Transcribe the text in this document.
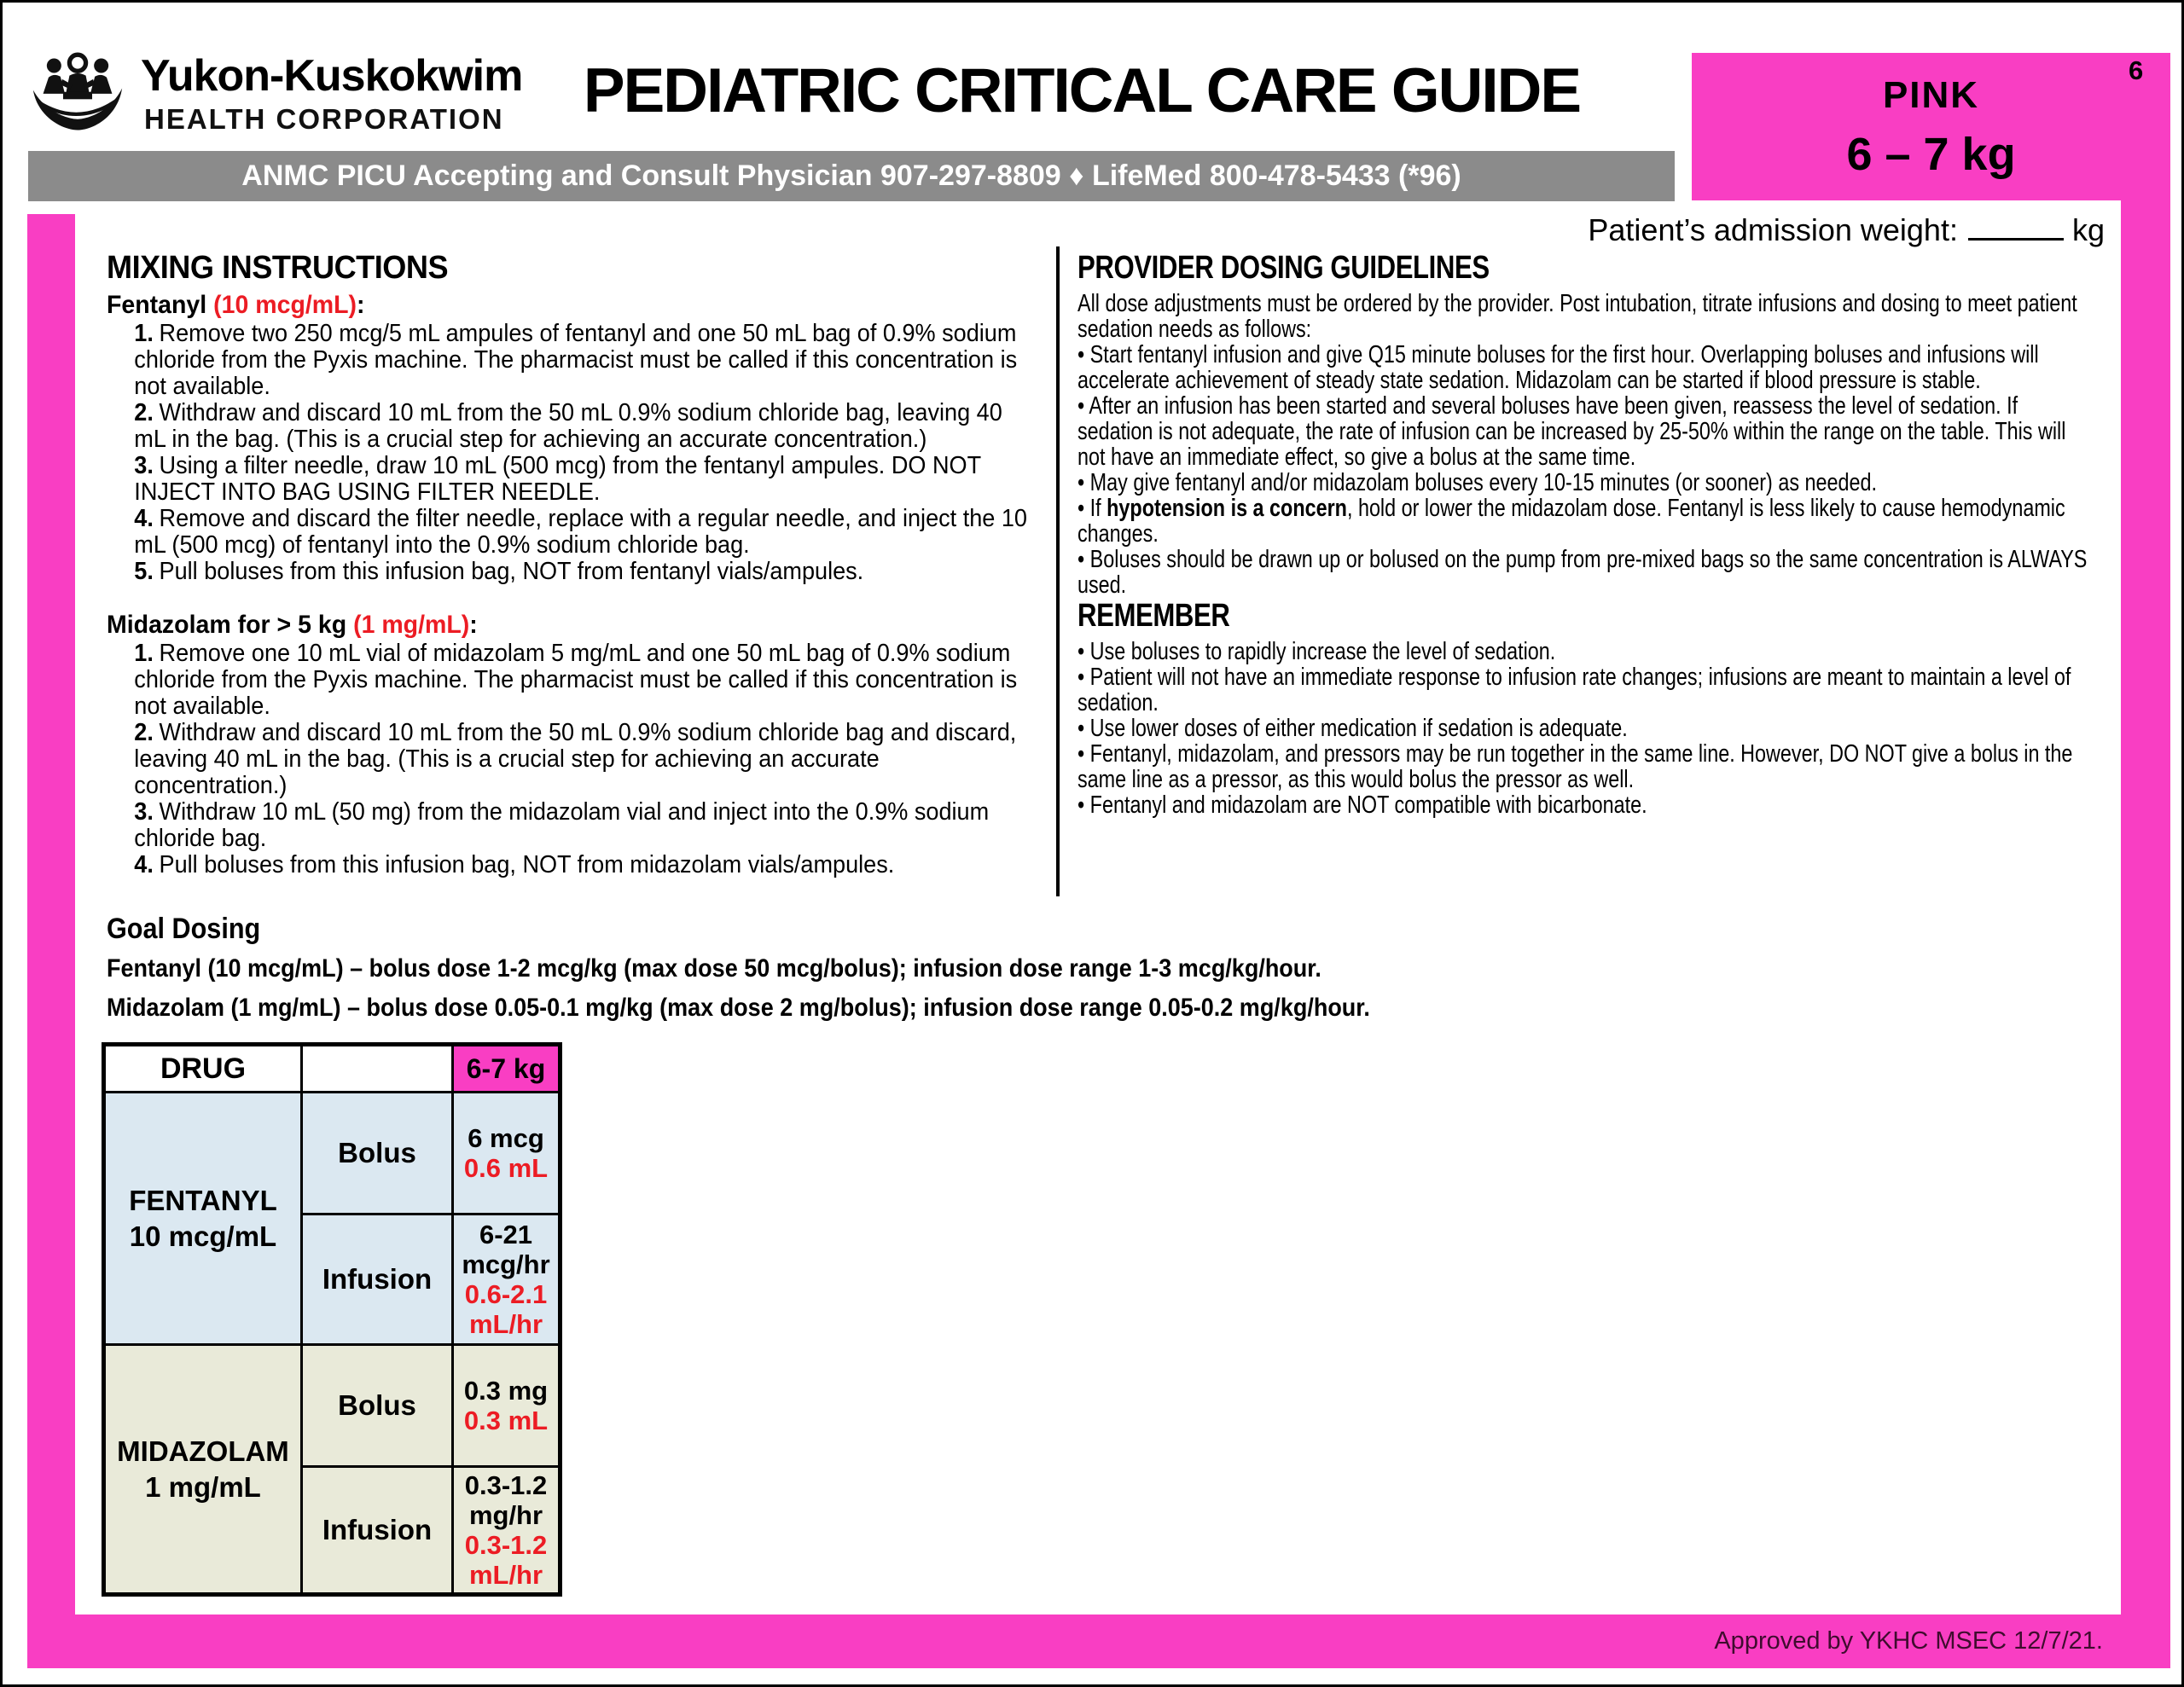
Yukon-Kuskokwim
HEALTH CORPORATION	PEDIATRIC CRITICAL CARE GUIDE
ANMC PICU Accepting and Consult Physician 907-297-8809 ♦ LifeMed 800-478-5433 (*96)
PINK
6 – 7 kg
6
Patient’s admission weight:	kg
MIXING INSTRUCTIONS

Fentanyl (10 mcg/mL):

1. Remove two 250 mcg/5 mL ampules of fentanyl and one 50 mL bag of 0.9% sodium chloride from the Pyxis machine. The pharmacist must be called if this concentration is not available.

2. Withdraw and discard 10 mL from the 50 mL 0.9% sodium chloride bag, leaving 40 mL in the bag. (This is a crucial step for achieving an accurate concentration.)

3. Using a filter needle, draw 10 mL (500 mcg) from the fentanyl ampules. DO NOT INJECT INTO BAG USING FILTER NEEDLE.

4. Remove and discard the filter needle, replace with a regular needle, and inject the 10 mL (500 mcg) of fentanyl into the 0.9% sodium chloride bag.

5. Pull boluses from this infusion bag, NOT from fentanyl vials/ampules.

Midazolam for > 5 kg (1 mg/mL):

1. Remove one 10 mL vial of midazolam 5 mg/mL and one 50 mL bag of 0.9% sodium chloride from the Pyxis machine. The pharmacist must be called if this concentration is not available.

2. Withdraw and discard 10 mL from the 50 mL 0.9% sodium chloride bag and discard, leaving 40 mL in the bag. (This is a crucial step for achieving an accurate concentration.)

3. Withdraw 10 mL (50 mg) from the midazolam vial and inject into the 0.9% sodium chloride bag.

4. Pull boluses from this infusion bag, NOT from midazolam vials/ampules.

PROVIDER DOSING GUIDELINES

All dose adjustments must be ordered by the provider. Post intubation, titrate infusions and dosing to meet patient sedation needs as follows:

• Start fentanyl infusion and give Q15 minute boluses for the first hour. Overlapping boluses and infusions will accelerate achievement of steady state sedation. Midazolam can be started if blood pressure is stable.

• After an infusion has been started and several boluses have been given, reassess the level of sedation. If sedation is not adequate, the rate of infusion can be increased by 25-50% within the range on the table. This will not have an immediate effect, so give a bolus at the same time.

• May give fentanyl and/or midazolam boluses every 10-15 minutes (or sooner) as needed.

• If hypotension is a concern, hold or lower the midazolam dose. Fentanyl is less likely to cause hemodynamic changes.

• Boluses should be drawn up or bolused on the pump from pre-mixed bags so the same concentration is ALWAYS used.

REMEMBER

• Use boluses to rapidly increase the level of sedation.

• Patient will not have an immediate response to infusion rate changes; infusions are meant to maintain a level of sedation.

• Use lower doses of either medication if sedation is adequate.

• Fentanyl, midazolam, and pressors may be run together in the same line. However, DO NOT give a bolus in the same line as a pressor, as this would bolus the pressor as well.

• Fentanyl and midazolam are NOT compatible with bicarbonate.

Goal Dosing

Fentanyl (10 mcg/mL) – bolus dose 1-2 mcg/kg (max dose 50 mcg/bolus); infusion dose range 1-3 mcg/kg/hour.

Midazolam (1 mg/mL) – bolus dose 0.05-0.1 mg/kg (max dose 2 mg/bolus); infusion dose range 0.05-0.2 mg/kg/hour.

DRUG		6-7 kg

FENTANYL
10 mcg/mL
	Bolus	6 mcg
0.6 mL

	Infusion	6-21
mcg/hr
0.6-2.1
mL/hr

MIDAZOLAM
1 mg/mL
	Bolus	0.3 mg
0.3 mL

	Infusion	0.3-1.2
mg/hr
0.3-1.2
mL/hr
Approved by YKHC MSEC 12/7/21.
